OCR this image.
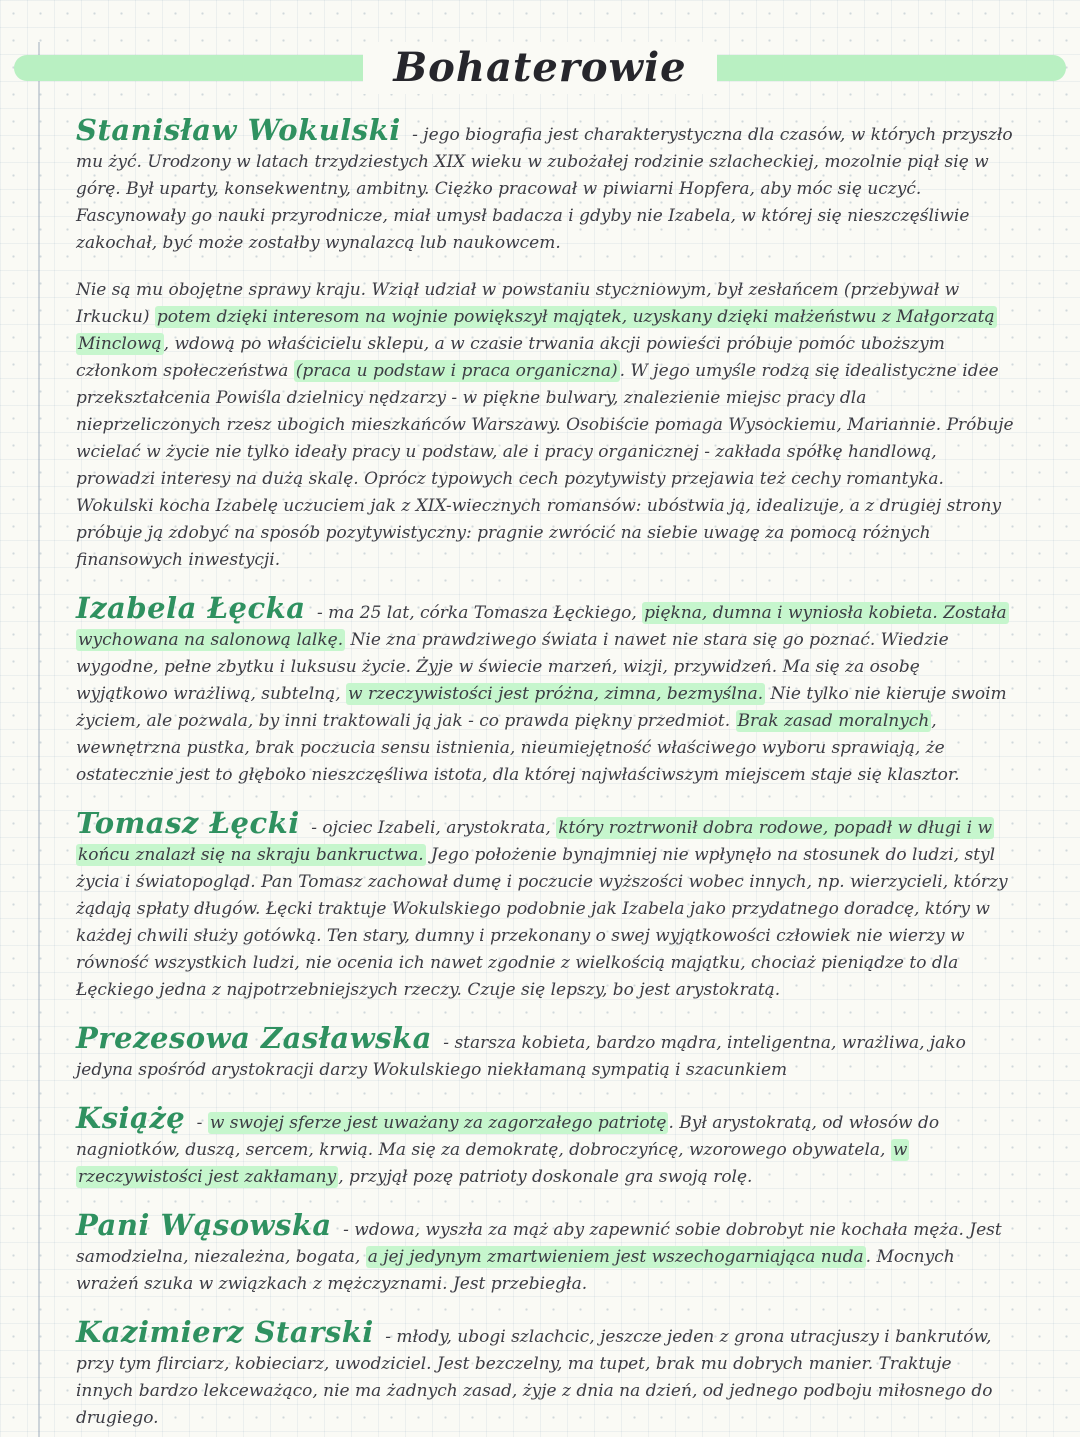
Bohaterowie

Stanisław Wokulski - jego biografia jest charakterystyczna dla czasów, w których przyszło mu żyć. Urodzony w latach trzydziestych XIX wieku w zubożałej rodzinie szlacheckiej, mozolnie piął się w górę. Był uparty, konsekwentny, ambitny. Ciężko pracował w piwiarni Hopfera, aby móc się uczyć. Fascynowały go nauki przyrodnicze, miał umysł badacza i gdyby nie Izabela, w której się nieszczęśliwie zakochał, być może zostałby wynalazcą lub naukowcem.

Nie są mu obojętne sprawy kraju. Wziął udział w powstaniu styczniowym, był zesłańcem (przebywał w Irkucku) potem dzięki interesom na wojnie powiększył majątek, uzyskany dzięki małżeństwu z Małgorzatą Minclową , wdową po właścicielu sklepu, a w czasie trwania akcji powieści próbuje pomóc uboższym członkom społeczeństwa (praca u podstaw i praca organiczna) . W jego umyśle rodzą się idealistyczne idee przekształcenia Powiśla dzielnicy nędzarzy - w piękne bulwary, znalezienie miejsc pracy dla nieprzeliczonych rzesz ubogich mieszkańców Warszawy. Osobiście pomaga Wysockiemu, Mariannie. Próbuje wcielać w życie nie tylko ideały pracy u podstaw, ale i pracy organicznej - zakłada spółkę handlową, prowadzi interesy na dużą skalę. Oprócz typowych cech pozytywisty przejawia też cechy romantyka. Wokulski kocha Izabelę uczuciem jak z XIX-wiecznych romansów: ubóstwia ją, idealizuje, a z drugiej strony próbuje ją zdobyć na sposób pozytywistyczny: pragnie zwrócić na siebie uwagę za pomocą różnych finansowych inwestycji.

Izabela Łęcka - ma 25 lat, córka Tomasza Łęckiego, piękna, dumna i wyniosła kobieta. Została wychowana na salonową lalkę. Nie zna prawdziwego świata i nawet nie stara się go poznać. Wiedzie wygodne, pełne zbytku i luksusu życie. Żyje w świecie marzeń, wizji, przywidzeń. Ma się za osobę wyjątkowo wrażliwą, subtelną, w rzeczywistości jest próżna, zimna, bezmyślna. Nie tylko nie kieruje swoim życiem, ale pozwala, by inni traktowali ją jak - co prawda piękny przedmiot. Brak zasad moralnych , wewnętrzna pustka, brak poczucia sensu istnienia, nieumiejętność właściwego wyboru sprawiają, że ostatecznie jest to głęboko nieszczęśliwa istota, dla której najwłaściwszym miejscem staje się klasztor.

Tomasz Łęcki - ojciec Izabeli, arystokrata, który roztrwonił dobra rodowe, popadł w długi i w końcu znalazł się na skraju bankructwa. Jego położenie bynajmniej nie wpłynęło na stosunek do ludzi, styl życia i światopogląd. Pan Tomasz zachował dumę i poczucie wyższości wobec innych, np. wierzycieli, którzy żądają spłaty długów. Łęcki traktuje Wokulskiego podobnie jak Izabela jako przydatnego doradcę, który w każdej chwili służy gotówką. Ten stary, dumny i przekonany o swej wyjątkowości człowiek nie wierzy w równość wszystkich ludzi, nie ocenia ich nawet zgodnie z wielkością majątku, chociaż pieniądze to dla Łęckiego jedna z najpotrzebniejszych rzeczy. Czuje się lepszy, bo jest arystokratą.

Prezesowa Zasławska - starsza kobieta, bardzo mądra, inteligentna, wrażliwa, jako jedyna spośród arystokracji darzy Wokulskiego niekłamaną sympatią i szacunkiem

Książę - w swojej sferze jest uważany za zagorzałego patriotę . Był arystokratą, od włosów do nagniotków, duszą, sercem, krwią. Ma się za demokratę, dobroczyńcę, wzorowego obywatela, w rzeczywistości jest zakłamany , przyjął pozę patrioty doskonale gra swoją rolę.

Pani Wąsowska - wdowa, wyszła za mąż aby zapewnić sobie dobrobyt nie kochała męża. Jest samodzielna, niezależna, bogata, a jej jedynym zmartwieniem jest wszechogarniająca nuda . Mocnych wrażeń szuka w związkach z mężczyznami. Jest przebiegła.

Kazimierz Starski - młody, ubogi szlachcic, jeszcze jeden z grona utracjuszy i bankrutów, przy tym flirciarz, kobieciarz, uwodziciel. Jest bezczelny, ma tupet, brak mu dobrych manier. Traktuje innych bardzo lekceważąco, nie ma żadnych zasad, żyje z dnia na dzień, od jednego podboju miłosnego do drugiego.
